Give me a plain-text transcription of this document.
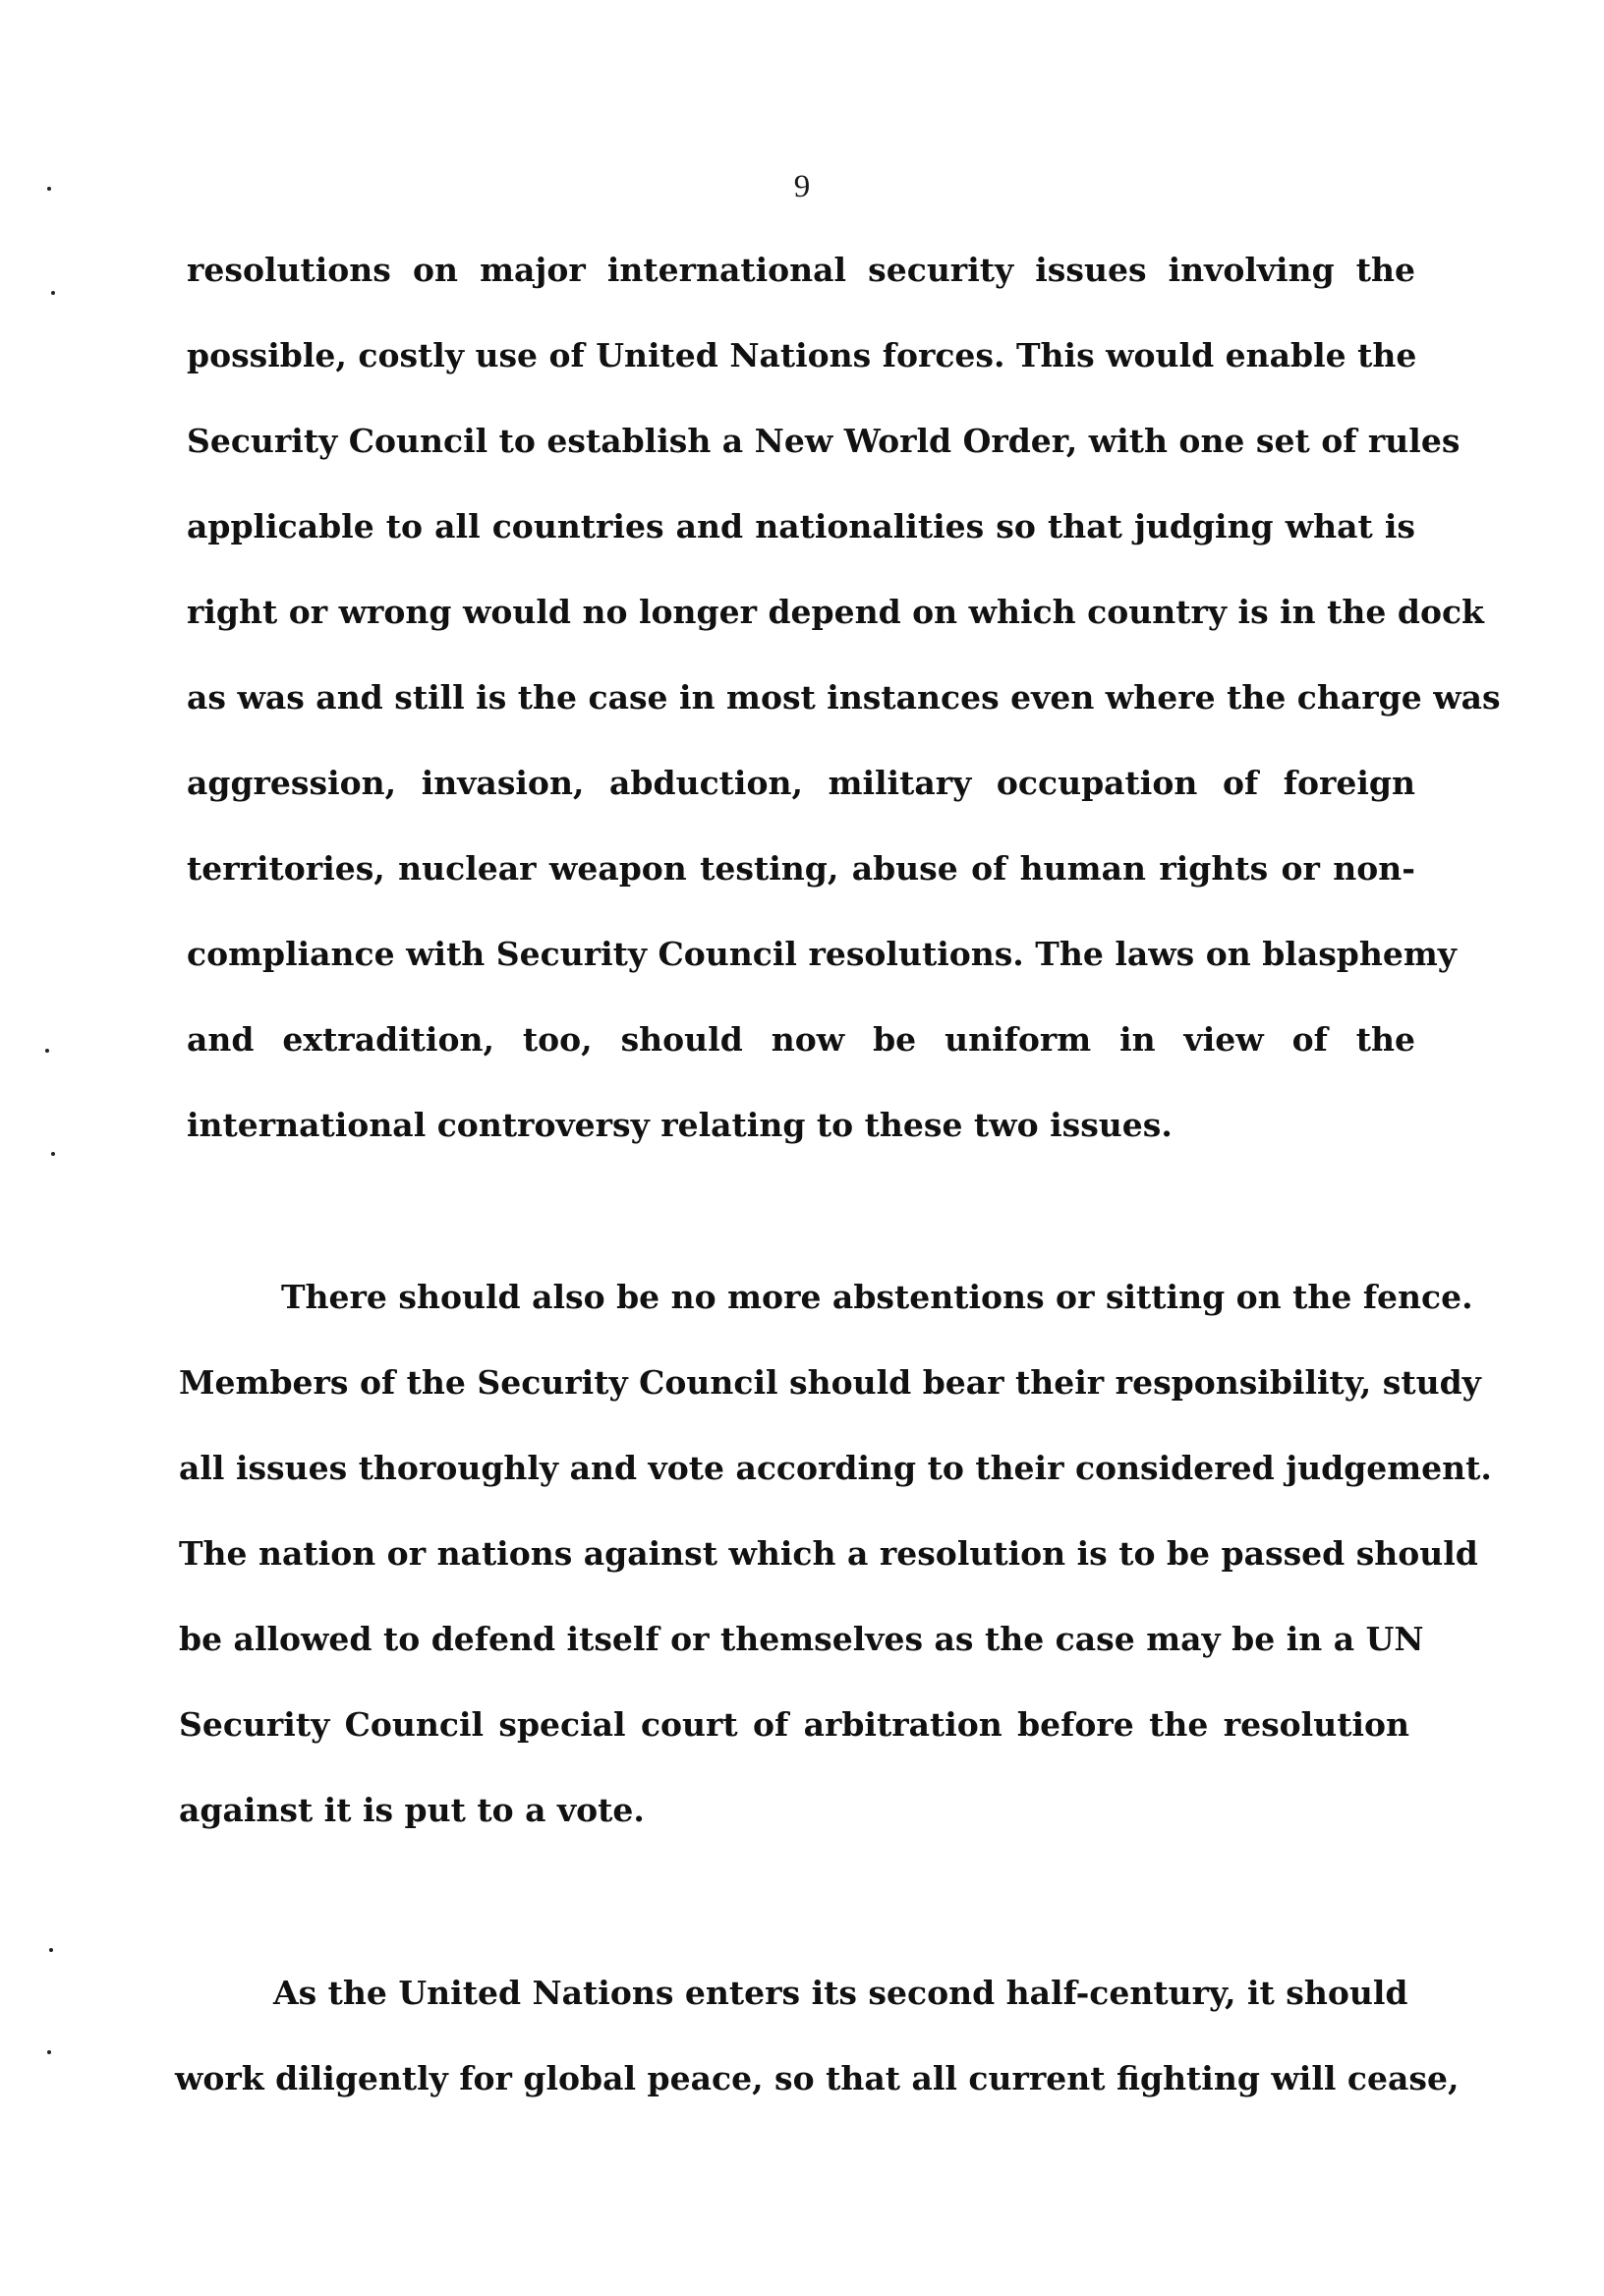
9
resolutions on major international security issues involving the
possible, costly use of United Nations forces. This would enable the
Security Council to establish a New World Order, with one set of rules
applicable to all countries and nationalities so that judging what is
right or wrong would no longer depend on which country is in the dock
as was and still is the case in most instances even where the charge was
aggression, invasion, abduction, military occupation of foreign
territories, nuclear weapon testing, abuse of human rights or non-
compliance with Security Council resolutions. The laws on blasphemy
and extradition, too, should now be uniform in view of the
international controversy relating to these two issues.
There should also be no more abstentions or sitting on the fence.
Members of the Security Council should bear their responsibility, study
all issues thoroughly and vote according to their considered judgement.
The nation or nations against which a resolution is to be passed should
be allowed to defend itself or themselves as the case may be in a UN
Security Council special court of arbitration before the resolution
against it is put to a vote.
As the United Nations enters its second half-century, it should
work diligently for global peace, so that all current fighting will cease,
